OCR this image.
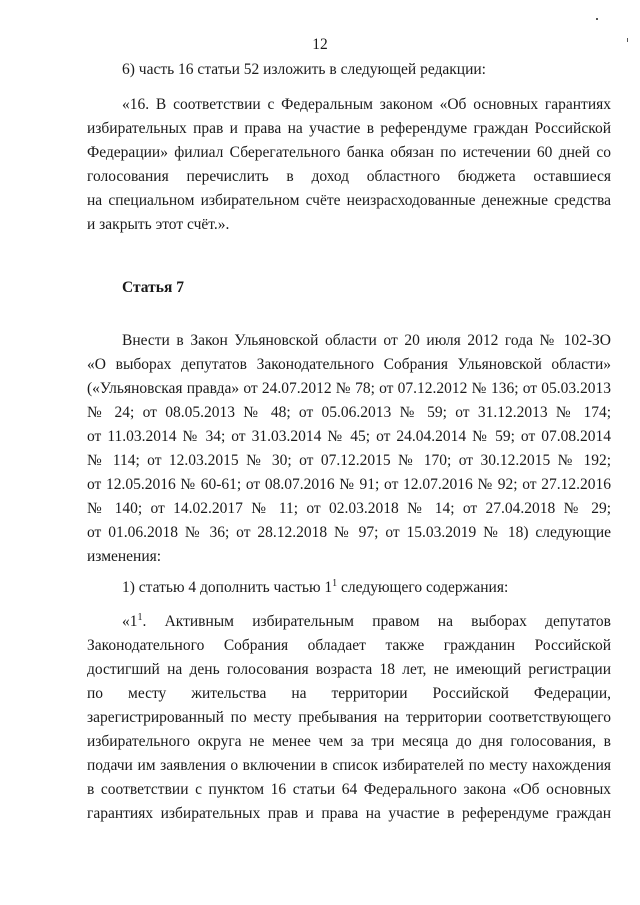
12
6) часть 16 статьи 52 изложить в следующей редакции:
«16. В соответствии с Федеральным законом «Об основных гарантиях
избирательных прав и права на участие в референдуме граждан Российской
Федерации» филиал Сберегательного банка обязан по истечении 60 дней со
голосования перечислить в доход областного бюджета оставшиеся
на специальном избирательном счёте неизрасходованные денежные средства
и закрыть этот счёт.».
Статья 7
Внести в Закон Ульяновской области от 20 июля 2012 года № 102-ЗО
«О выборах депутатов Законодательного Собрания Ульяновской области»
(«Ульяновская правда» от 24.07.2012 № 78; от 07.12.2012 № 136; от 05.03.2013
№ 24; от 08.05.2013 № 48; от 05.06.2013 № 59; от 31.12.2013 № 174;
от 11.03.2014 № 34; от 31.03.2014 № 45; от 24.04.2014 № 59; от 07.08.2014
№ 114; от 12.03.2015 № 30; от 07.12.2015 № 170; от 30.12.2015 № 192;
от 12.05.2016 № 60-61; от 08.07.2016 № 91; от 12.07.2016 № 92; от 27.12.2016
№ 140; от 14.02.2017 № 11; от 02.03.2018 № 14; от 27.04.2018 № 29;
от 01.06.2018 № 36; от 28.12.2018 № 97; от 15.03.2019 № 18) следующие
изменения:
1) статью 4 дополнить частью $1^1$ следующего содержания:
«$1^1$. Активным избирательным правом на выборах депутатов
Законодательного Собрания обладает также гражданин Российской
достигший на день голосования возраста 18 лет, не имеющий регистрации
по месту жительства на территории Российской Федерации,
зарегистрированный по месту пребывания на территории соответствующего
избирательного округа не менее чем за три месяца до дня голосования, в
подачи им заявления о включении в список избирателей по месту нахождения
в соответствии с пунктом 16 статьи 64 Федерального закона «Об основных
гарантиях избирательных прав и права на участие в референдуме граждан
